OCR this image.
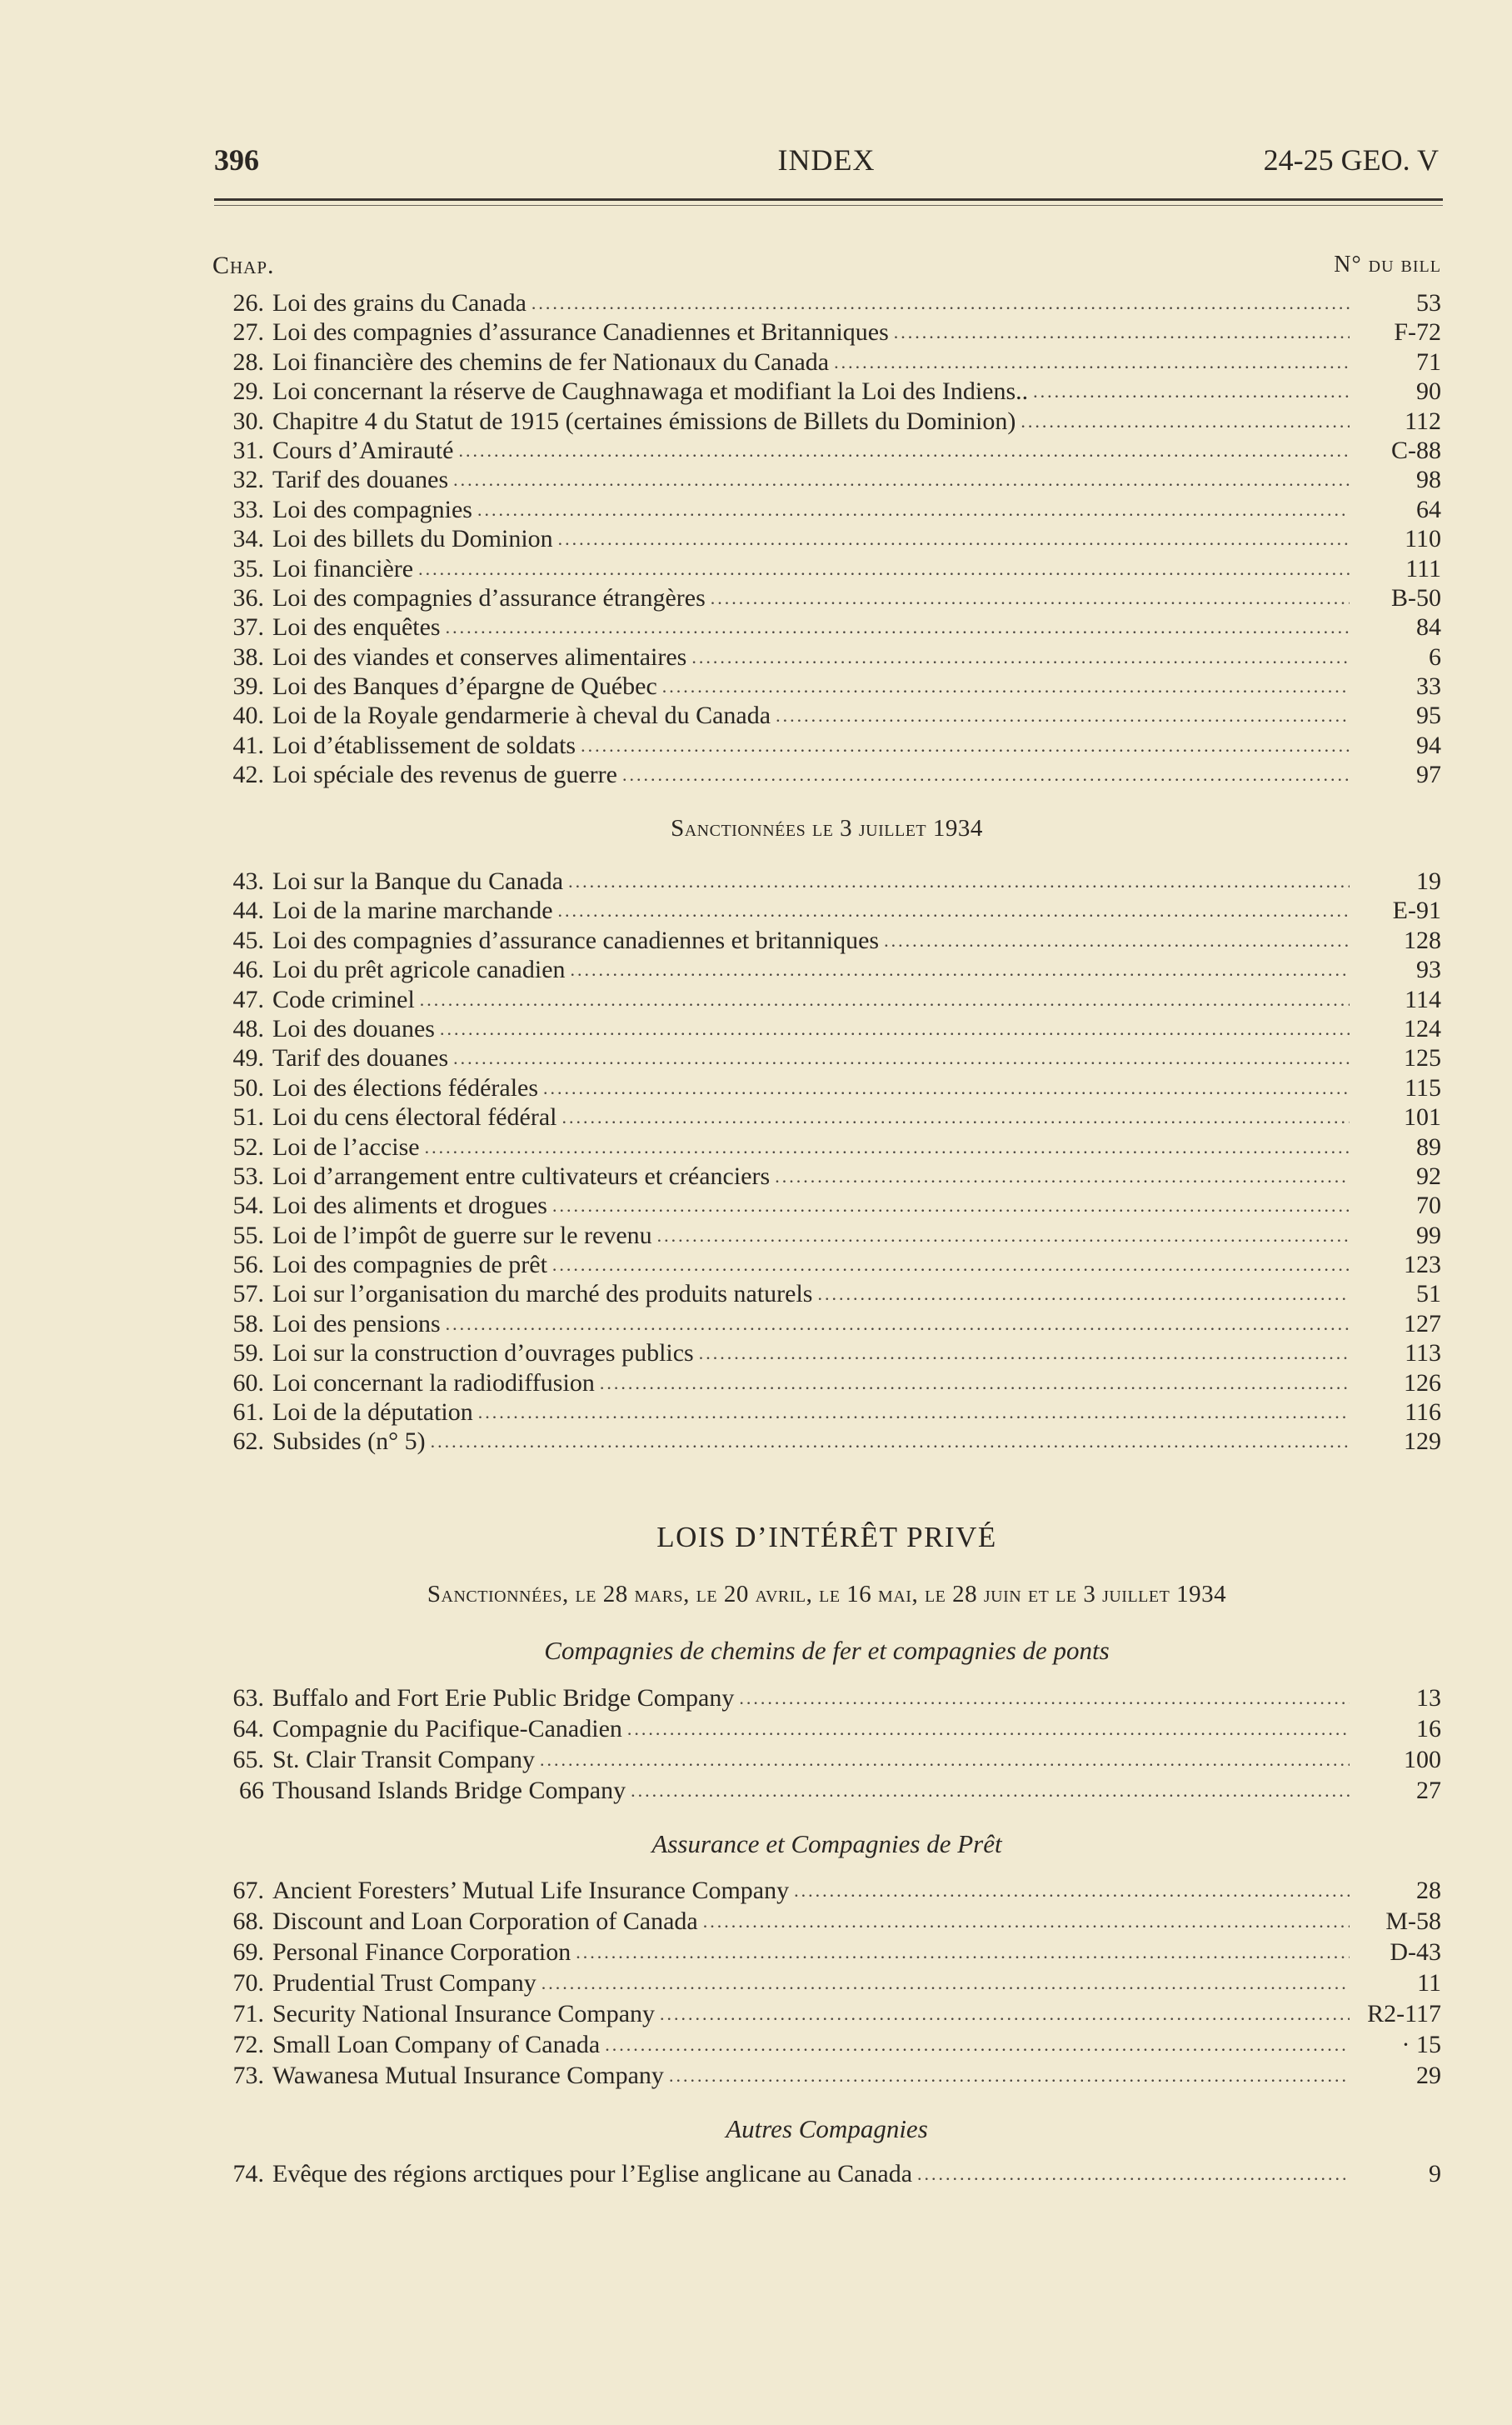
396	INDEX	24-25 GEO. V
Chap.	N° du bill
26. Loi des grains du Canada .....	53
27. Loi des compagnies d’assurance Canadiennes et Britanniques .....	F-72
28. Loi financière des chemins de fer Nationaux du Canada .....	71
29. Loi concernant la réserve de Caughnawaga et modifiant la Loi des Indiens.. .....	90
30. Chapitre 4 du Statut de 1915 (certaines émissions de Billets du Dominion) .....	112
31. Cours d’Amirauté .....	C-88
32. Tarif des douanes .....	98
33. Loi des compagnies .....	64
34. Loi des billets du Dominion .....	110
35. Loi financière .....	111
36. Loi des compagnies d’assurance étrangères .....	B-50
37. Loi des enquêtes .....	84
38. Loi des viandes et conserves alimentaires .....	6
39. Loi des Banques d’épargne de Québec .....	33
40. Loi de la Royale gendarmerie à cheval du Canada .....	95
41. Loi d’établissement de soldats .....	94
42. Loi spéciale des revenus de guerre .....	97
Sanctionnées le 3 juillet 1934
43. Loi sur la Banque du Canada .....	19
44. Loi de la marine marchande .....	E-91
45. Loi des compagnies d’assurance canadiennes et britanniques .....	128
46. Loi du prêt agricole canadien .....	93
47. Code criminel .....	114
48. Loi des douanes .....	124
49. Tarif des douanes .....	125
50. Loi des élections fédérales .....	115
51. Loi du cens électoral fédéral .....	101
52. Loi de l’accise .....	89
53. Loi d’arrangement entre cultivateurs et créanciers .....	92
54. Loi des aliments et drogues .....	70
55. Loi de l’impôt de guerre sur le revenu .....	99
56. Loi des compagnies de prêt .....	123
57. Loi sur l’organisation du marché des produits naturels .....	51
58. Loi des pensions .....	127
59. Loi sur la construction d’ouvrages publics .....	113
60. Loi concernant la radiodiffusion .....	126
61. Loi de la députation .....	116
62. Subsides (n° 5) .....	129
LOIS D’INTÉRÊT PRIVÉ
Sanctionnées, le 28 mars, le 20 avril, le 16 mai, le 28 juin et le 3 juillet 1934
Compagnies de chemins de fer et compagnies de ponts
63. Buffalo and Fort Erie Public Bridge Company .....	13
64. Compagnie du Pacifique-Canadien .....	16
65. St. Clair Transit Company .....	100
66 Thousand Islands Bridge Company .....	27
Assurance et Compagnies de Prêt
67. Ancient Foresters’ Mutual Life Insurance Company .....	28
68. Discount and Loan Corporation of Canada .....	M-58
69. Personal Finance Corporation .....	D-43
70. Prudential Trust Company .....	11
71. Security National Insurance Company .....	R2-117
72. Small Loan Company of Canada .....	· 15
73. Wawanesa Mutual Insurance Company .....	29
Autres Compagnies
74. Evêque des régions arctiques pour l’Eglise anglicane au Canada .....	9
